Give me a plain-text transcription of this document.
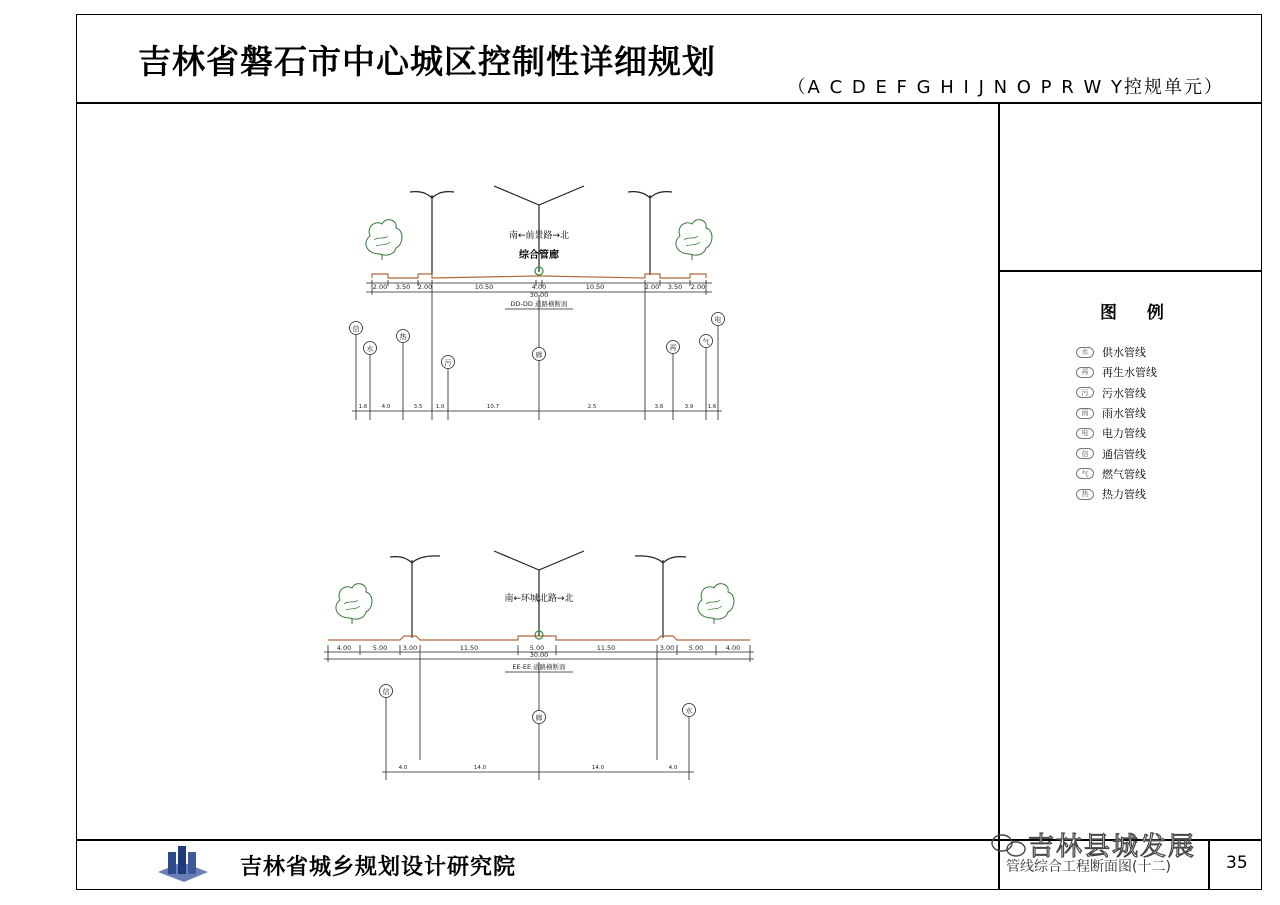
吉林省磐石市中心城区控制性详细规划
（A C D E F G H I J N O P R W Y控规单元）
2.00 3.50 2.00	10.50	4.00	10.50	2.00 3.50 2.00
30.00
DD-DD 道路横断面
南←前景路→北
综合管廊
信
水
热
污
廊
再
气
电
1.6	4.0	3.5 1.0	10.7	2.5	3.6	3.9	1.6
4.00	5.00 3.00	11.50	5.00	11.50	3.00 5.00	4.00
30.00
EE-EE 道路横断面
南←环城北路→北
信
廊
水
4.0	14.0	14.0	4.0
图 例
水	供水管线
再	再生水管线
污	污水管线
雨	雨水管线
电	电力管线
信	通信管线
气	燃气管线
热	热力管线
吉林省城乡规划设计研究院	管线综合工程断面图(十二)	35
吉林县城发展
